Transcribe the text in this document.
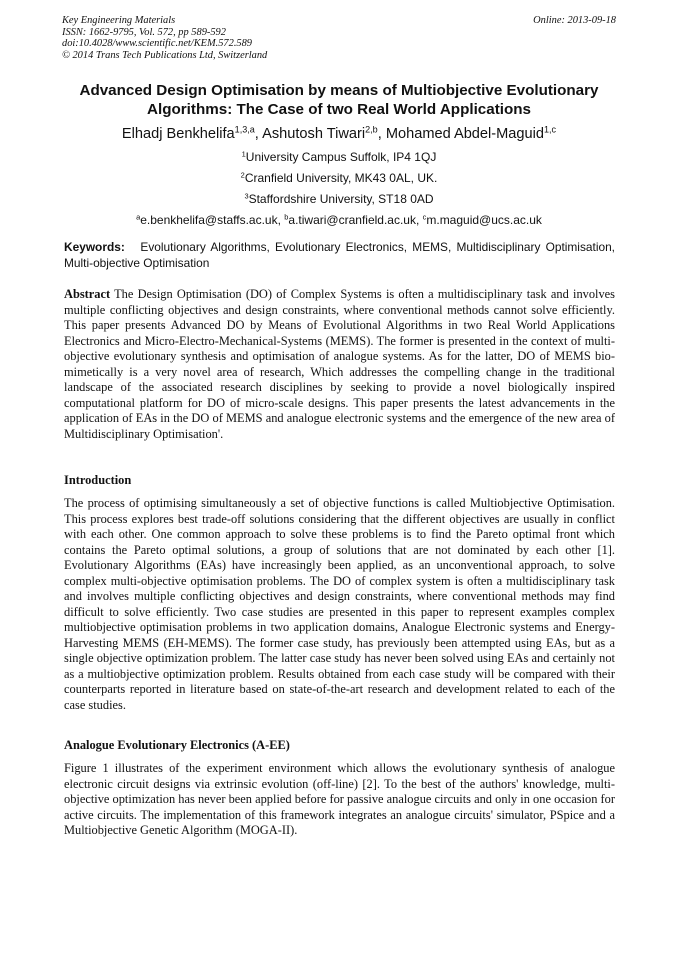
Key Engineering Materials
ISSN: 1662-9795, Vol. 572, pp 589-592
doi:10.4028/www.scientific.net/KEM.572.589
© 2014 Trans Tech Publications Ltd, Switzerland
Online: 2013-09-18
Advanced Design Optimisation by means of Multiobjective Evolutionary Algorithms: The Case of two Real World Applications
Elhadj Benkhelifa$^{1,3,a}$, Ashutosh Tiwari$^{2,b}$, Mohamed Abdel-Maguid$^{1,c}$
$^1$University Campus Suffolk, IP4 1QJ
$^2$Cranfield University, MK43 0AL, UK.
$^3$Staffordshire University, ST18 0AD
$^a$e.benkhelifa@staffs.ac.uk, $^b$a.tiwari@cranfield.ac.uk, $^c$m.maguid@ucs.ac.uk
Keywords: Evolutionary Algorithms, Evolutionary Electronics, MEMS, Multidisciplinary Optimisation, Multi-objective Optimisation
Abstract The Design Optimisation (DO) of Complex Systems is often a multidisciplinary task and involves multiple conflicting objectives and design constraints, where conventional methods cannot solve efficiently. This paper presents Advanced DO by Means of Evolutional Algorithms in two Real World Applications Electronics and Micro-Electro-Mechanical-Systems (MEMS). The former is presented in the context of multi-objective evolutionary synthesis and optimisation of analogue systems. As for the latter, DO of MEMS bio-mimetically is a very novel area of research, Which addresses the compelling change in the traditional landscape of the associated research disciplines by seeking to provide a novel biologically inspired computational platform for DO of micro-scale designs. This paper presents the latest advancements in the application of EAs in the DO of MEMS and analogue electronic systems and the emergence of the new area of Multidisciplinary Optimisation'.
Introduction
The process of optimising simultaneously a set of objective functions is called Multiobjective Optimisation. This process explores best trade-off solutions considering that the different objectives are usually in conflict with each other. One common approach to solve these problems is to find the Pareto optimal front which contains the Pareto optimal solutions, a group of solutions that are not dominated by each other [1]. Evolutionary Algorithms (EAs) have increasingly been applied, as an unconventional approach, to solve complex multi-objective optimisation problems. The DO of complex system is often a multidisciplinary task and involves multiple conflicting objectives and design constraints, where conventional methods may find difficult to solve efficiently. Two case studies are presented in this paper to represent examples complex multiobjective optimisation problems in two application domains, Analogue Electronic systems and Energy-Harvesting MEMS (EH-MEMS). The former case study, has previously been attempted using EAs, but as a single objective optimization problem. The latter case study has never been solved using EAs and certainly not as a multiobjective optimization problem. Results obtained from each case study will be compared with their counterparts reported in literature based on state-of-the-art research and development related to each of the case studies.
Analogue Evolutionary Electronics (A-EE)
Figure 1 illustrates of the experiment environment which allows the evolutionary synthesis of analogue electronic circuit designs via extrinsic evolution (off-line) [2]. To the best of the authors' knowledge, multi-objective optimization has never been applied before for passive analogue circuits and only in one occasion for active circuits. The implementation of this framework integrates an analogue circuits' simulator, PSpice and a Multiobjective Genetic Algorithm (MOGA-II).
